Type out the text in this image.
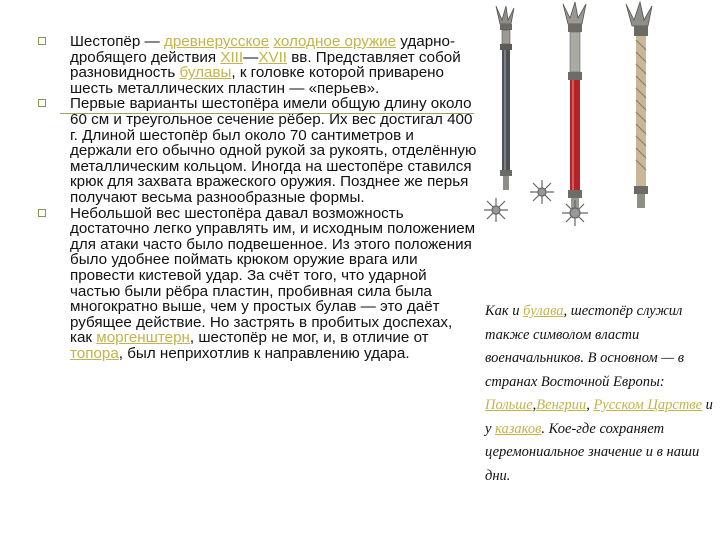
Шестопёр — древнерусское холодное оружие ударно-дробящего действия XIII—XVII вв. Представляет собой разновидность булавы, к головке которой приварено шесть металлических пластин — «перьев».
Первые варианты шестопёра имели общую длину около 60 см и треугольное сечение рёбер. Их вес достигал 400 г. Длиной шестопёр был около 70 сантиметров и держали его обычно одной рукой за рукоять, отделённую металлическим кольцом. Иногда на шестопёре ставился крюк для захвата вражеского оружия. Позднее же перья получают весьма разнообразные формы.
Небольшой вес шестопёра давал возможность достаточно легко управлять им, и исходным положением для атаки часто было подвешенное. Из этого положения было удобнее поймать крюком оружие врага или провести кистевой удар. За счёт того, что ударной частью были рёбра пластин, пробивная сила была многократно выше, чем у простых булав — это даёт рубящее действие. Но застрять в пробитых доспехах, как моргенштерн, шестопёр не мог, и, в отличие от топора, был неприхотлив к направлению удара.
Как и булава, шестопёр служил также символом власти военачальников. В основном — в странах Восточной Европы: Польше,Венгрии, Русском Царстве и у казаков. Кое-где сохраняет церемониальное значение и в наши дни.
